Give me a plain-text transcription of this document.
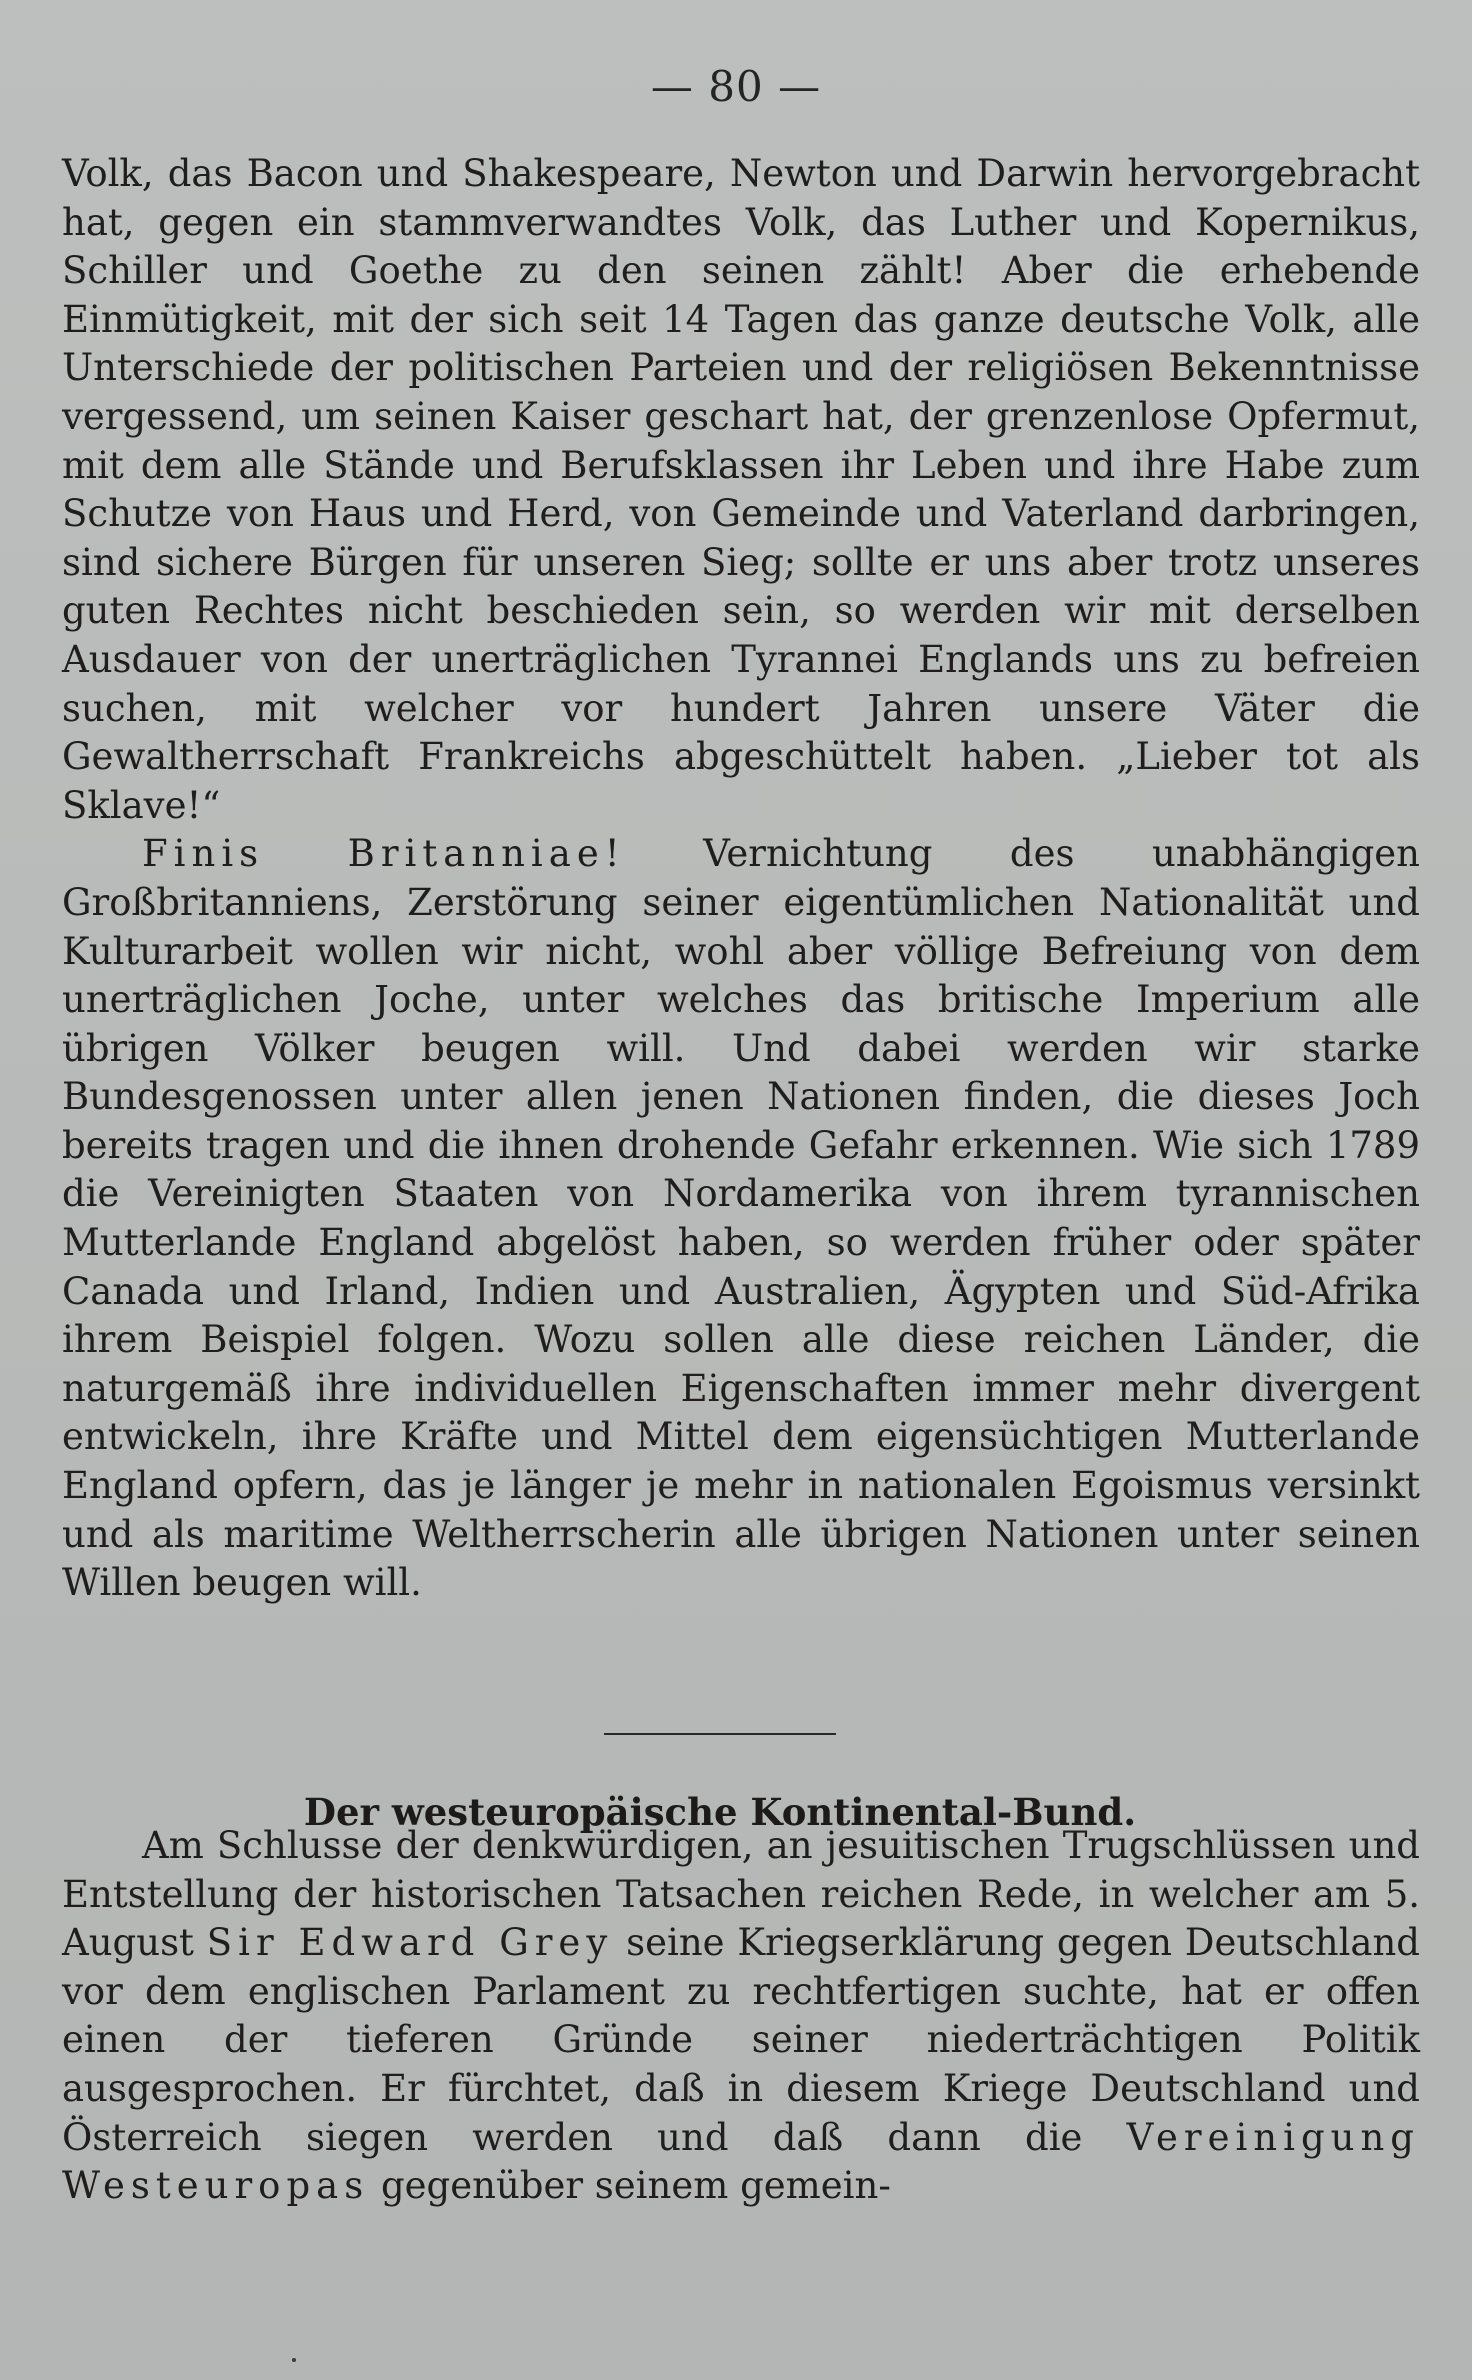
— 80 —

Volk, das Bacon und Shakespeare, Newton und Darwin hervorgebracht hat, gegen ein stammverwandtes Volk, das Luther und Kopernikus, Schiller und Goethe zu den seinen zählt! Aber die erhebende Einmütigkeit, mit der sich seit 14 Tagen das ganze deutsche Volk, alle Unterschiede der politischen Parteien und der religiösen Bekenntnisse vergessend, um seinen Kaiser geschart hat, der grenzenlose Opfermut, mit dem alle Stände und Berufsklassen ihr Leben und ihre Habe zum Schutze von Haus und Herd, von Gemeinde und Vaterland darbringen, sind sichere Bürgen für unseren Sieg; sollte er uns aber trotz unseres guten Rechtes nicht beschieden sein, so werden wir mit derselben Ausdauer von der unerträglichen Tyrannei Englands uns zu befreien suchen, mit welcher vor hundert Jahren unsere Väter die Gewaltherrschaft Frankreichs abgeschüttelt haben. „Lieber tot als Sklave!“

Finis Britanniae! Vernichtung des unabhängigen Großbritanniens, Zerstörung seiner eigentümlichen Nationalität und Kulturarbeit wollen wir nicht, wohl aber völlige Befreiung von dem unerträglichen Joche, unter welches das britische Imperium alle übrigen Völker beugen will. Und dabei werden wir starke Bundesgenossen unter allen jenen Nationen finden, die dieses Joch bereits tragen und die ihnen drohende Gefahr erkennen. Wie sich 1789 die Vereinigten Staaten von Nordamerika von ihrem tyrannischen Mutterlande England abgelöst haben, so werden früher oder später Canada und Irland, Indien und Australien, Ägypten und Süd-Afrika ihrem Beispiel folgen. Wozu sollen alle diese reichen Länder, die naturgemäß ihre individuellen Eigenschaften immer mehr divergent entwickeln, ihre Kräfte und Mittel dem eigensüchtigen Mutterlande England opfern, das je länger je mehr in nationalen Egoismus versinkt und als maritime Weltherrscherin alle übrigen Nationen unter seinen Willen beugen will.

Der westeuropäische Kontinental-Bund.

Am Schlusse der denkwürdigen, an jesuitischen Trugschlüssen und Entstellung der historischen Tatsachen reichen Rede, in welcher am 5. August Sir Edward Grey seine Kriegserklärung gegen Deutschland vor dem englischen Parlament zu rechtfertigen suchte, hat er offen einen der tieferen Gründe seiner niederträchtigen Politik ausgesprochen. Er fürchtet, daß in diesem Kriege Deutschland und Österreich siegen werden und daß dann die Vereinigung Westeuropas gegenüber seinem gemein-
